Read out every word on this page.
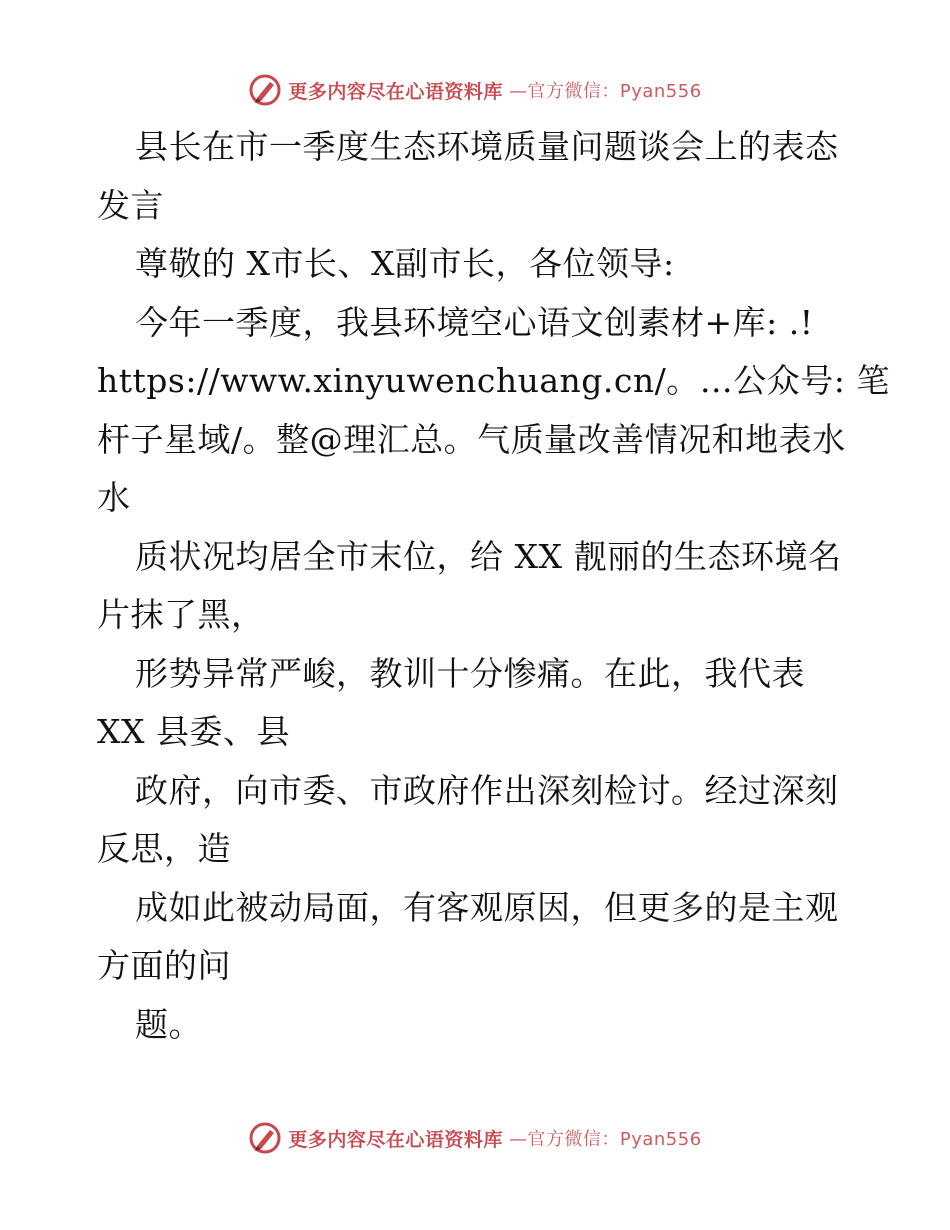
更多内容尽在心语资料库 —官方微信：Pyan556
县长在市一季度生态环境质量问题谈会上的表态
发言
尊敬的 X市长、X副市长，各位领导:
今年一季度，我县环境空心语文创素材+库: .!
https://www.xinyuwenchuang.cn/。…公众号: 笔
杆子星域/。整@理汇总。气质量改善情况和地表水
水
质状况均居全市末位，给 XX 靓丽的生态环境名
片抹了黑，
形势异常严峻，教训十分惨痛。在此，我代表
XX 县委、县
政府，向市委、市政府作出深刻检讨。经过深刻
反思，造
成如此被动局面，有客观原因，但更多的是主观
方面的问
题。
更多内容尽在心语资料库 —官方微信：Pyan556
